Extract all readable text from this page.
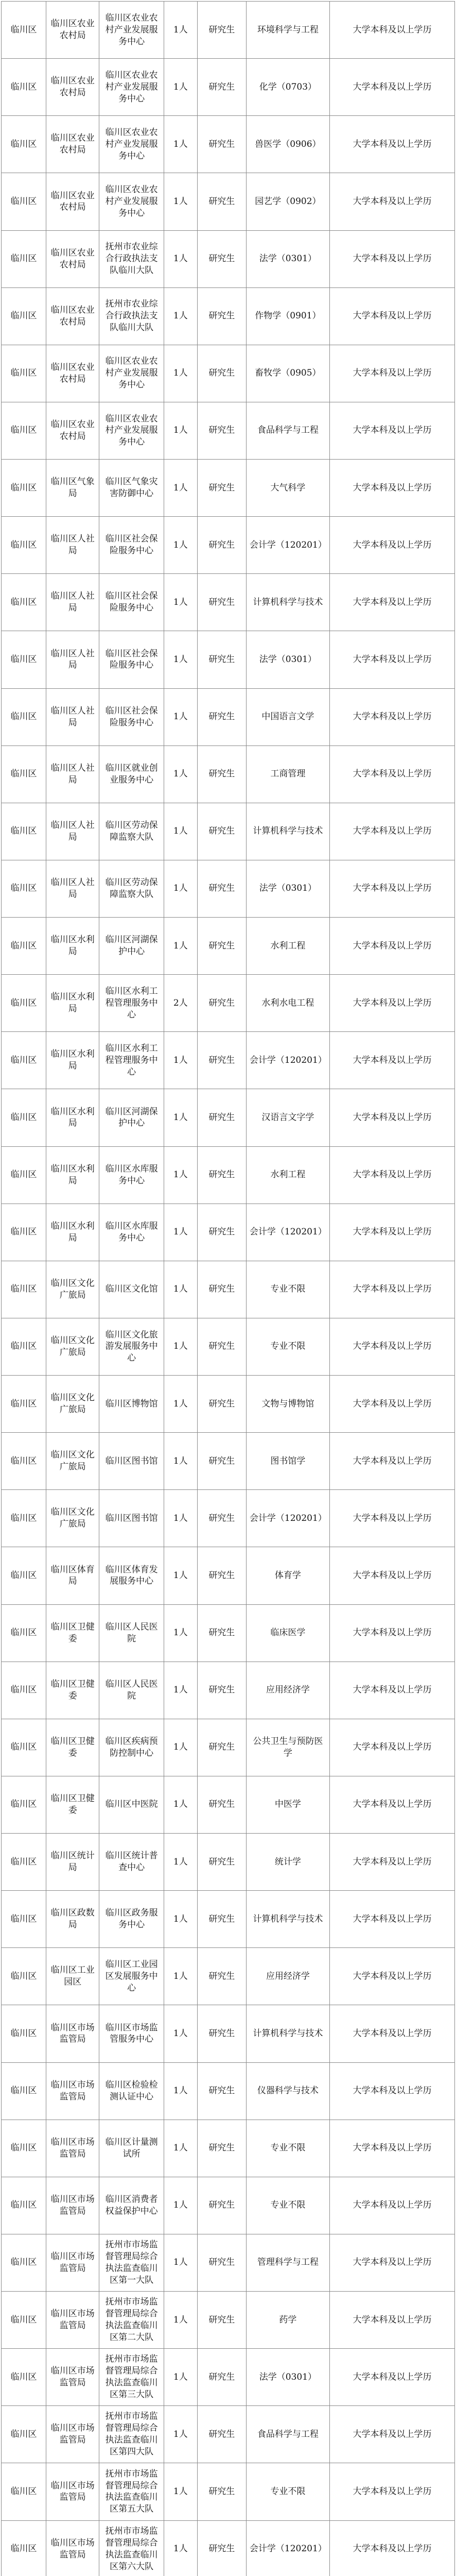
临川区	临川区农业农村局	临川区农业农村产业发展服务中心	1人	研究生	环境科学与工程	大学本科及以上学历
临川区	临川区农业农村局	临川区农业农村产业发展服务中心	1人	研究生	化学（0703）	大学本科及以上学历
临川区	临川区农业农村局	临川区农业农村产业发展服务中心	1人	研究生	兽医学（0906）	大学本科及以上学历
临川区	临川区农业农村局	临川区农业农村产业发展服务中心	1人	研究生	园艺学（0902）	大学本科及以上学历
临川区	临川区农业农村局	抚州市农业综合行政执法支队临川大队	1人	研究生	法学（0301）	大学本科及以上学历
临川区	临川区农业农村局	抚州市农业综合行政执法支队临川大队	1人	研究生	作物学（0901）	大学本科及以上学历
临川区	临川区农业农村局	临川区农业农村产业发展服务中心	1人	研究生	畜牧学（0905）	大学本科及以上学历
临川区	临川区农业农村局	临川区农业农村产业发展服务中心	1人	研究生	食品科学与工程	大学本科及以上学历
临川区	临川区气象局	临川区气象灾害防御中心	1人	研究生	大气科学	大学本科及以上学历
临川区	临川区人社局	临川区社会保险服务中心	1人	研究生	会计学（120201）	大学本科及以上学历
临川区	临川区人社局	临川区社会保险服务中心	1人	研究生	计算机科学与技术	大学本科及以上学历
临川区	临川区人社局	临川区社会保险服务中心	1人	研究生	法学（0301）	大学本科及以上学历
临川区	临川区人社局	临川区社会保险服务中心	1人	研究生	中国语言文学	大学本科及以上学历
临川区	临川区人社局	临川区就业创业服务中心	1人	研究生	工商管理	大学本科及以上学历
临川区	临川区人社局	临川区劳动保障监察大队	1人	研究生	计算机科学与技术	大学本科及以上学历
临川区	临川区人社局	临川区劳动保障监察大队	1人	研究生	法学（0301）	大学本科及以上学历
临川区	临川区水利局	临川区河湖保护中心	1人	研究生	水利工程	大学本科及以上学历
临川区	临川区水利局	临川区水利工程管理服务中心	2人	研究生	水利水电工程	大学本科及以上学历
临川区	临川区水利局	临川区水利工程管理服务中心	1人	研究生	会计学（120201）	大学本科及以上学历
临川区	临川区水利局	临川区河湖保护中心	1人	研究生	汉语言文字学	大学本科及以上学历
临川区	临川区水利局	临川区水库服务中心	1人	研究生	水利工程	大学本科及以上学历
临川区	临川区水利局	临川区水库服务中心	1人	研究生	会计学（120201）	大学本科及以上学历
临川区	临川区文化广旅局	临川区文化馆	1人	研究生	专业不限	大学本科及以上学历
临川区	临川区文化广旅局	临川区文化旅游发展服务中心	1人	研究生	专业不限	大学本科及以上学历
临川区	临川区文化广旅局	临川区博物馆	1人	研究生	文物与博物馆	大学本科及以上学历
临川区	临川区文化广旅局	临川区图书馆	1人	研究生	图书馆学	大学本科及以上学历
临川区	临川区文化广旅局	临川区图书馆	1人	研究生	会计学（120201）	大学本科及以上学历
临川区	临川区体育局	临川区体育发展服务中心	1人	研究生	体育学	大学本科及以上学历
临川区	临川区卫健委	临川区人民医院	1人	研究生	临床医学	大学本科及以上学历
临川区	临川区卫健委	临川区人民医院	1人	研究生	应用经济学	大学本科及以上学历
临川区	临川区卫健委	临川区疾病预防控制中心	1人	研究生	公共卫生与预防医学	大学本科及以上学历
临川区	临川区卫健委	临川区中医院	1人	研究生	中医学	大学本科及以上学历
临川区	临川区统计局	临川区统计普查中心	1人	研究生	统计学	大学本科及以上学历
临川区	临川区政数局	临川区政务服务中心	1人	研究生	计算机科学与技术	大学本科及以上学历
临川区	临川区工业园区	临川区工业园区发展服务中心	1人	研究生	应用经济学	大学本科及以上学历
临川区	临川区市场监管局	临川区市场监管服务中心	1人	研究生	计算机科学与技术	大学本科及以上学历
临川区	临川区市场监管局	临川区检验检测认证中心	1人	研究生	仪器科学与技术	大学本科及以上学历
临川区	临川区市场监管局	临川区计量测试所	1人	研究生	专业不限	大学本科及以上学历
临川区	临川区市场监管局	临川区消费者权益保护中心	1人	研究生	专业不限	大学本科及以上学历
临川区	临川区市场监管局	抚州市市场监督管理局综合执法监查临川区第一大队	1人	研究生	管理科学与工程	大学本科及以上学历
临川区	临川区市场监管局	抚州市市场监督管理局综合执法监查临川区第二大队	1人	研究生	药学	大学本科及以上学历
临川区	临川区市场监管局	抚州市市场监督管理局综合执法监查临川区第三大队	1人	研究生	法学（0301）	大学本科及以上学历
临川区	临川区市场监管局	抚州市市场监督管理局综合执法监查临川区第四大队	1人	研究生	食品科学与工程	大学本科及以上学历
临川区	临川区市场监管局	抚州市市场监督管理局综合执法监查临川区第五大队	1人	研究生	专业不限	大学本科及以上学历
临川区	临川区市场监管局	抚州市市场监督管理局综合执法监查临川区第六大队	1人	研究生	会计学（120201）	大学本科及以上学历
